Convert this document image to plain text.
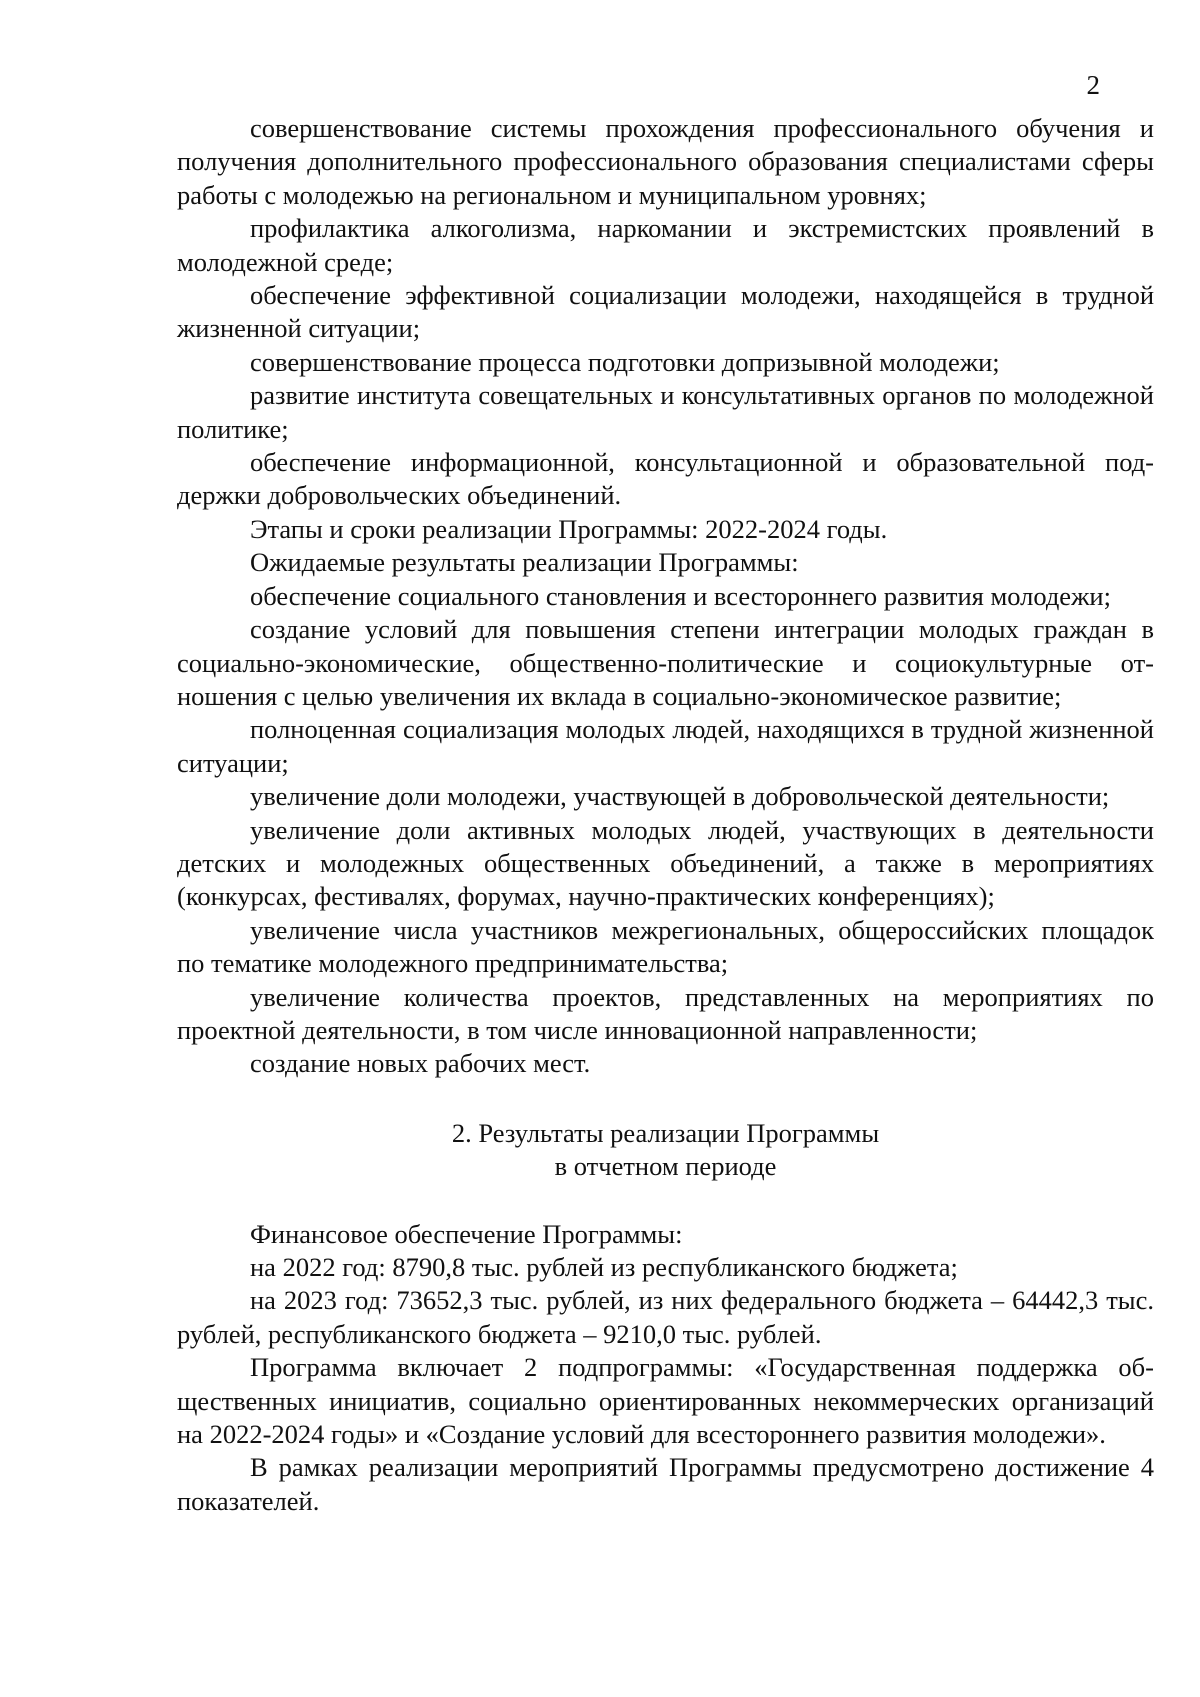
2

совершенствование системы прохождения профессионального обучения и получения дополнительного профессионального образования специалистами сферы работы с молодежью на региональном и муниципальном уровнях;

профилактика алкоголизма, наркомании и экстремистских проявлений в молодежной среде;

обеспечение эффективной социализации молодежи, находящейся в трудной жизненной ситуации;

совершенствование процесса подготовки допризывной молодежи;

развитие института совещательных и консультативных органов по молодежной политике;

обеспечение информационной, консультационной и образовательной поддержки добровольческих объединений.

Этапы и сроки реализации Программы: 2022-2024 годы.

Ожидаемые результаты реализации Программы:

обеспечение социального становления и всестороннего развития молодежи;

создание условий для повышения степени интеграции молодых граждан в социально-экономические, общественно-политические и социокультурные отношения с целью увеличения их вклада в социально-экономическое развитие;

полноценная социализация молодых людей, находящихся в трудной жизненной ситуации;

увеличение доли молодежи, участвующей в добровольческой деятельности;

увеличение доли активных молодых людей, участвующих в деятельности детских и молодежных общественных объединений, а также в мероприятиях (конкурсах, фестивалях, форумах, научно-практических конференциях);

увеличение числа участников межрегиональных, общероссийских площадок по тематике молодежного предпринимательства;

увеличение количества проектов, представленных на мероприятиях по проектной деятельности, в том числе инновационной направленности;

создание новых рабочих мест.

2. Результаты реализации Программы
в отчетном периоде

Финансовое обеспечение Программы:

на 2022 год: 8790,8 тыс. рублей из республиканского бюджета;

на 2023 год: 73652,3 тыс. рублей, из них федерального бюджета – 64442,3 тыс. рублей, республиканского бюджета – 9210,0 тыс. рублей.

Программа включает 2 подпрограммы: «Государственная поддержка общественных инициатив, социально ориентированных некоммерческих организаций на 2022-2024 годы» и «Создание условий для всестороннего развития молодежи».

В рамках реализации мероприятий Программы предусмотрено достижение 4 показателей.
